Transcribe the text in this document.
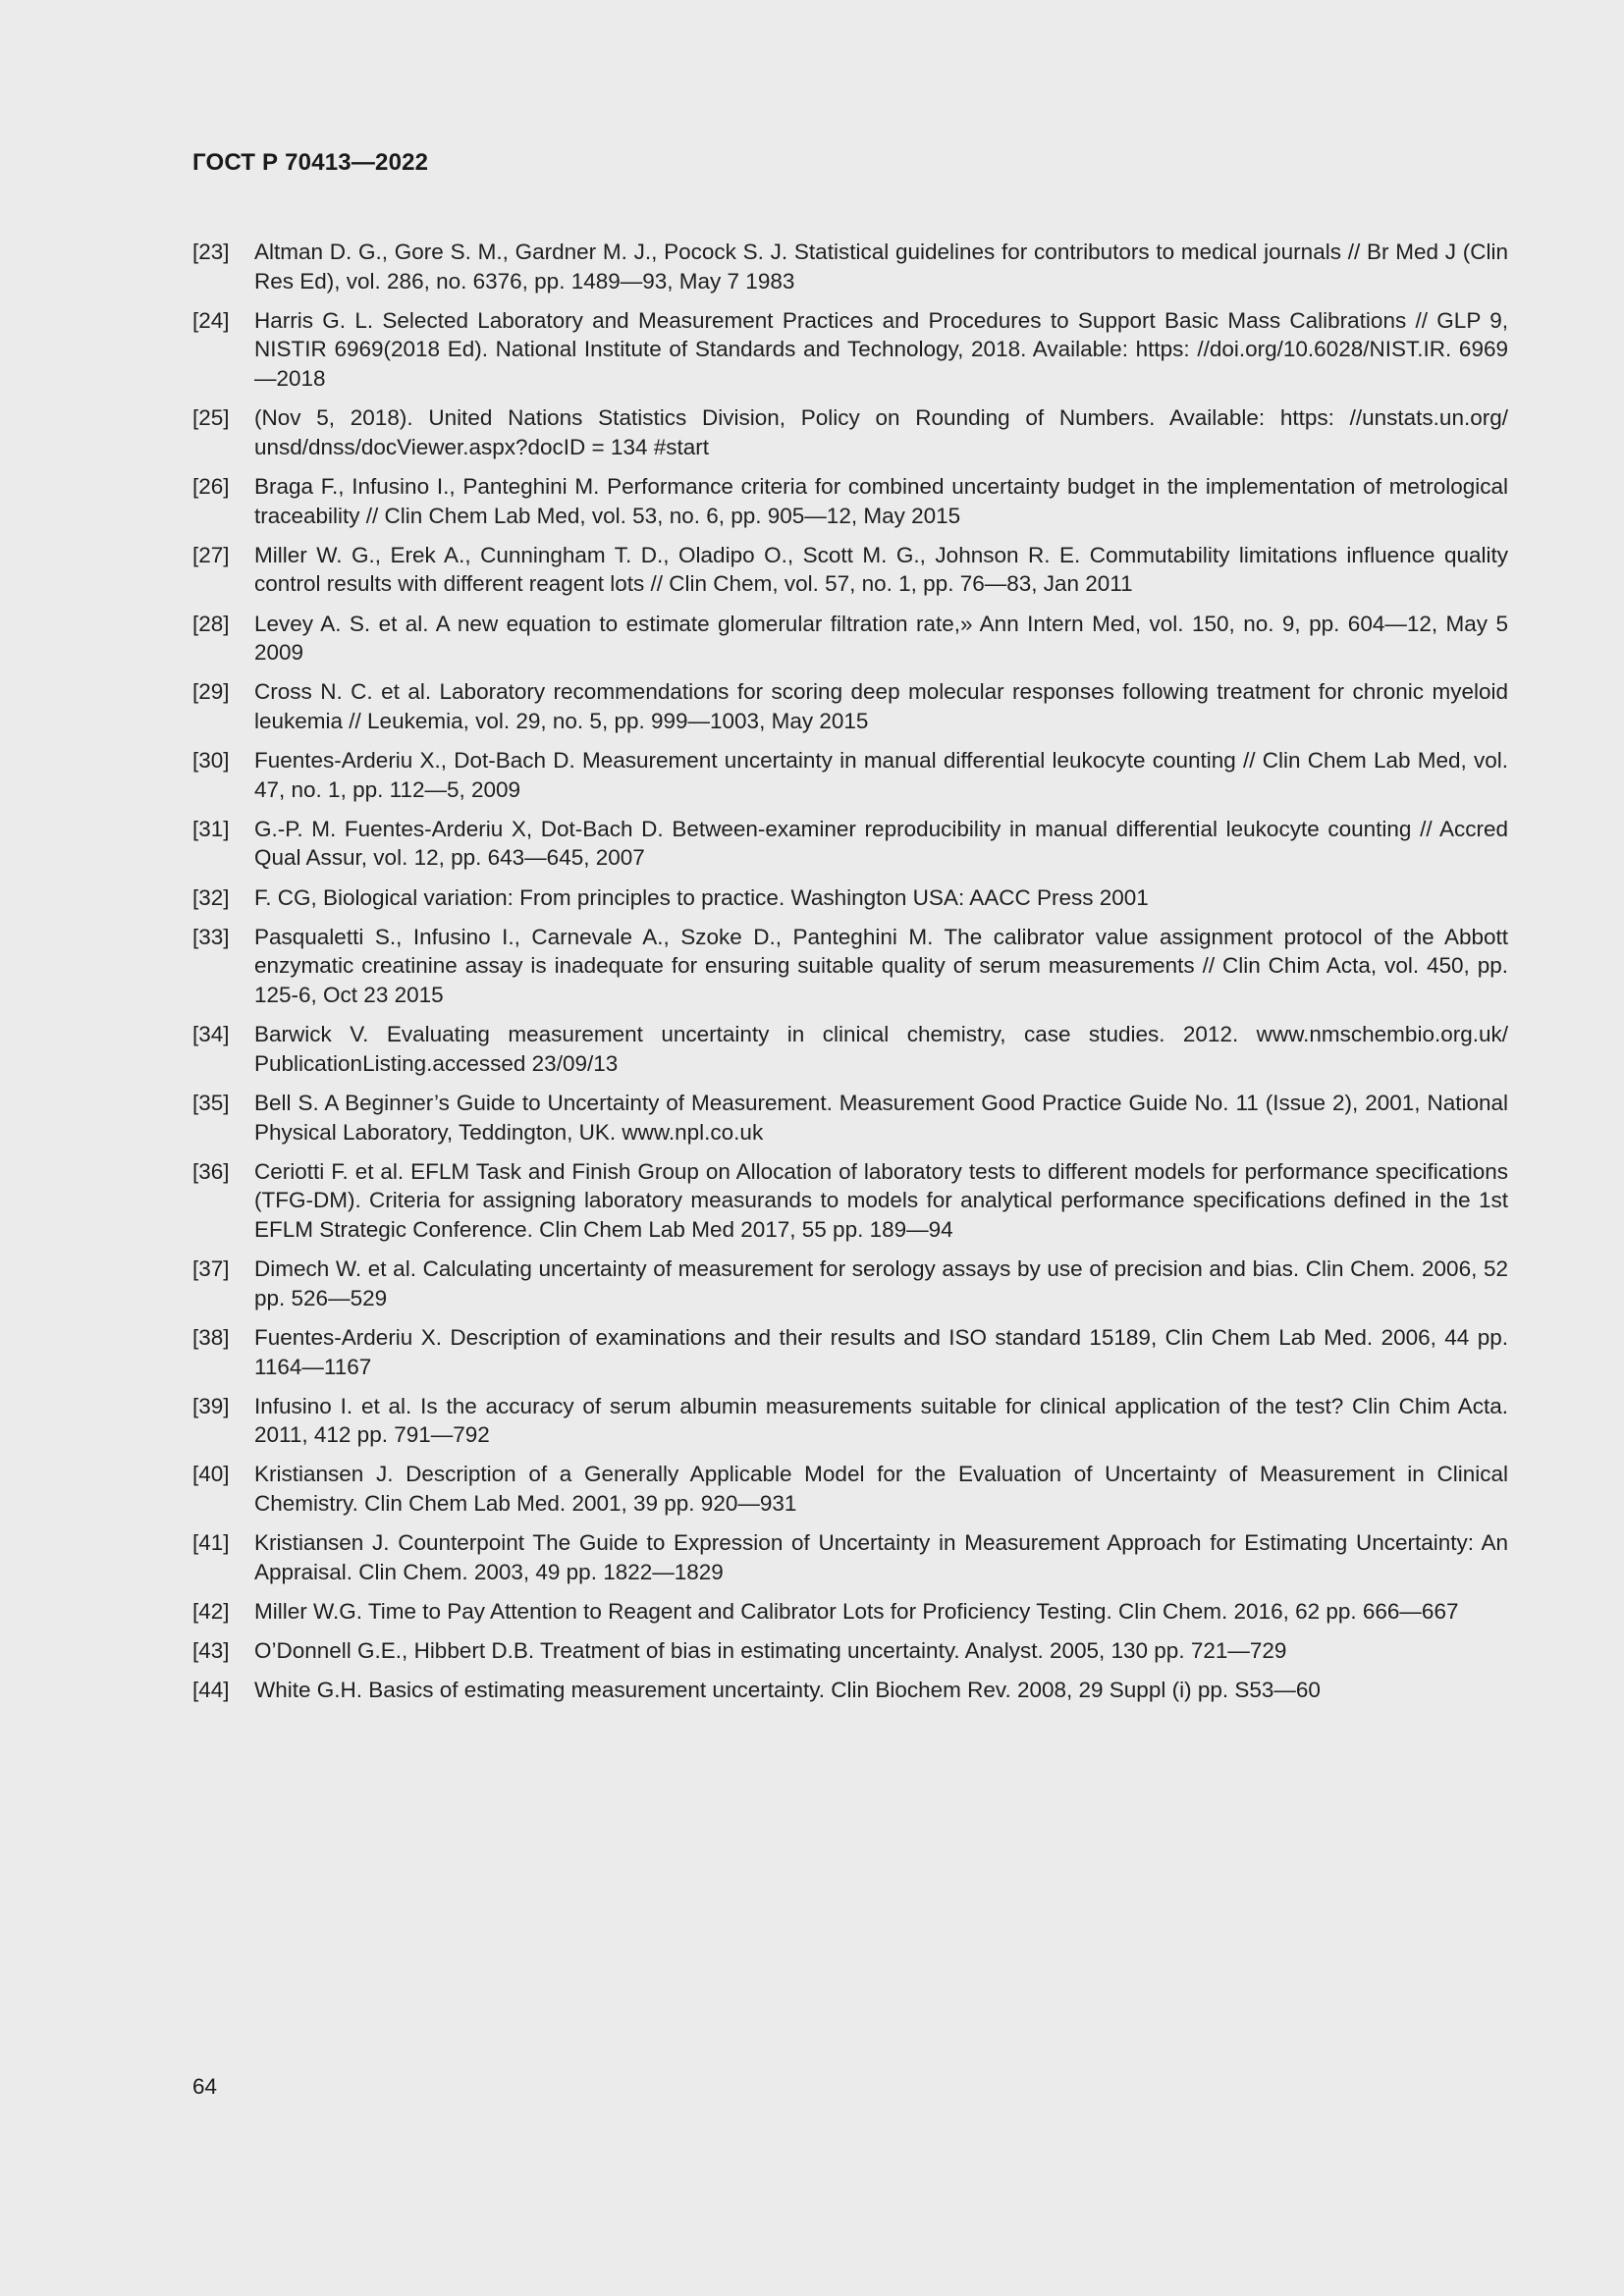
ГОСТ Р 70413—2022
[23]	Altman D. G., Gore S. M., Gardner M. J., Pocock S. J. Statistical guidelines for contributors to medical journals // Br Med J (Clin Res Ed), vol. 286, no. 6376, pp. 1489—93, May 7 1983
[24]	Harris G. L. Selected Laboratory and Measurement Practices and Procedures to Support Basic Mass Calibrations // GLP 9, NISTIR 6969(2018 Ed). National Institute of Standards and Technology, 2018. Available: https: //doi.​org/10.6028/NIST.IR. 6969—2018
[25]	(Nov 5, 2018). United Nations Statistics Division, Policy on Rounding of Numbers. Available: https: //unstats.un.org/​unsd/dnss/docViewer.aspx?docID = 134 #start
[26]	Braga F., Infusino I., Panteghini M. Performance criteria for combined uncertainty budget in the implementation of metrological traceability // Clin Chem Lab Med, vol. 53, no. 6, pp. 905—12, May 2015
[27]	Miller W. G., Erek A., Cunningham T. D., Oladipo O., Scott M. G., Johnson R. E. Commutability limitations influence quality control results with different reagent lots // Clin Chem, vol. 57, no. 1, pp. 76—83, Jan 2011
[28]	Levey A. S. et al. A new equation to estimate glomerular filtration rate,» Ann Intern Med, vol. 150, no. 9, pp. 604—12, May 5 2009
[29]	Cross N. C. et al. Laboratory recommendations for scoring deep molecular responses following treatment for chronic myeloid leukemia // Leukemia, vol. 29, no. 5, pp. 999—1003, May 2015
[30]	Fuentes-Arderiu X., Dot-Bach D. Measurement uncertainty in manual differential leukocyte counting // Clin Chem Lab Med, vol. 47, no. 1, pp. 112—5, 2009
[31]	G.-P. M. Fuentes-Arderiu X, Dot-Bach D. Between-examiner reproducibility in manual differential leukocyte counting // Accred Qual Assur, vol. 12, pp. 643—645, 2007
[32]	F. CG, Biological variation: From principles to practice. Washington USA: AACC Press 2001
[33]	Pasqualetti S., Infusino I., Carnevale A., Szoke D., Panteghini M. The calibrator value assignment protocol of the Abbott enzymatic creatinine assay is inadequate for ensuring suitable quality of serum measurements // Clin Chim Acta, vol. 450, pp. 125-6, Oct 23 2015
[34]	Barwick V. Evaluating measurement uncertainty in clinical chemistry, case studies. 2012. www.nmschembio.org.uk/​PublicationListing.accessed 23/09/13
[35]	Bell S. A Beginner’s Guide to Uncertainty of Measurement. Measurement Good Practice Guide No. 11 (Issue 2), 2001, National Physical Laboratory, Teddington, UK. www.npl.co.uk
[36]	Ceriotti F. et al. EFLM Task and Finish Group on Allocation of laboratory tests to different models for performance specifications (TFG-DM). Criteria for assigning laboratory measurands to models for analytical performance specifications defined in the 1st EFLM Strategic Conference. Clin Chem Lab Med 2017, 55 pp. 189—94
[37]	Dimech W. et al. Calculating uncertainty of measurement for serology assays by use of precision and bias. Clin Chem. 2006, 52 pp. 526—529
[38]	Fuentes-Arderiu X. Description of examinations and their results and ISO standard 15189, Clin Chem Lab Med. 2006, 44 pp. 1164—1167
[39]	Infusino I. et al. Is the accuracy of serum albumin measurements suitable for clinical application of the test? Clin Chim Acta. 2011, 412 pp. 791—792
[40]	Kristiansen J. Description of a Generally Applicable Model for the Evaluation of Uncertainty of Measurement in Clinical Chemistry. Clin Chem Lab Med. 2001, 39 pp. 920—931
[41]	Kristiansen J. Counterpoint The Guide to Expression of Uncertainty in Measurement Approach for Estimating Uncertainty: An Appraisal. Clin Chem. 2003, 49 pp. 1822—1829
[42]	Miller W.G. Time to Pay Attention to Reagent and Calibrator Lots for Proficiency Testing. Clin Chem. 2016, 62 pp. 666—667
[43]	O’Donnell G.E., Hibbert D.B. Treatment of bias in estimating uncertainty. Analyst. 2005, 130 pp. 721—729
[44]	White G.H. Basics of estimating measurement uncertainty. Clin Biochem Rev. 2008, 29 Suppl (i) pp. S53—60
64
